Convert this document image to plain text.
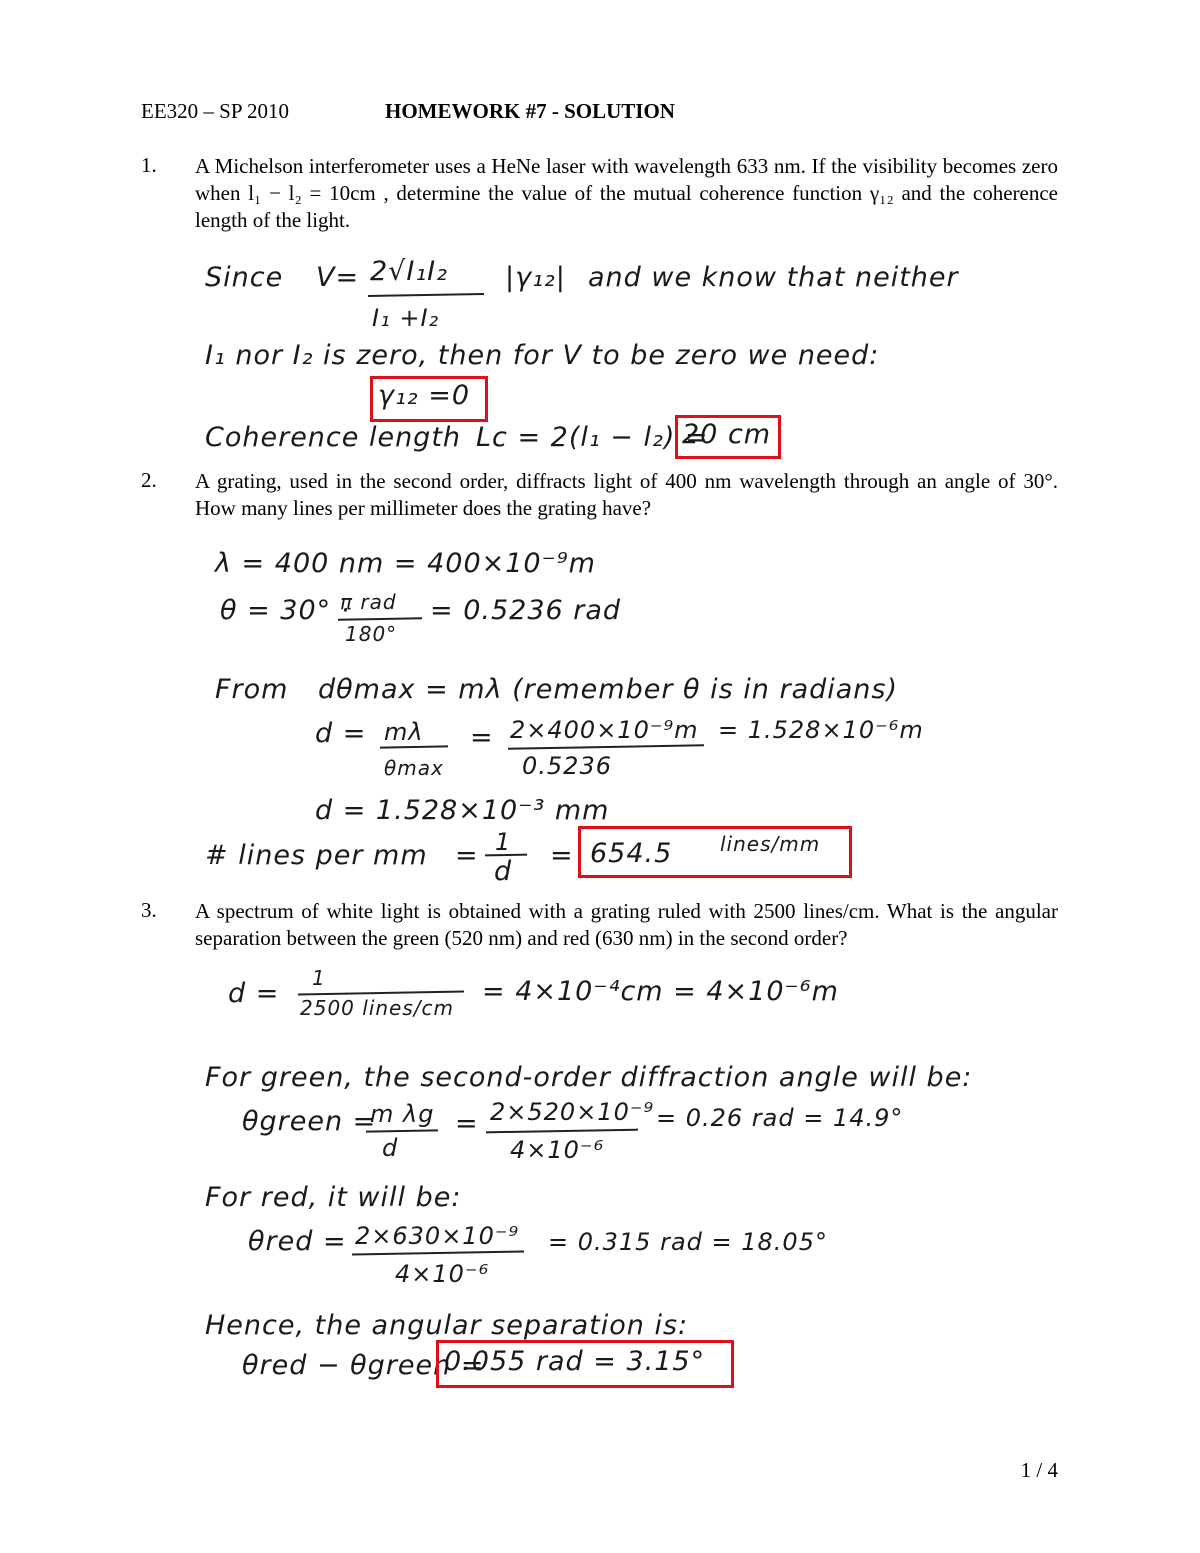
EE320 – SP 2010	HOMEWORK #7 - SOLUTION
1. A Michelson interferometer uses a HeNe laser with wavelength 633 nm. If the visibility becomes zero when l₁ − l₂ = 10cm , determine the value of the mutual coherence function γ₁₂ and the coherence length of the light.
Since V= 2√I₁I₂
I₁ +I₂
|γ₁₂| and we know that neither
I₁ nor I₂ is zero, then for V to be zero we need:
γ₁₂ =0
Coherence length Lc = 2(l₁ − l₂) =
20 cm
2. A grating, used in the second order, diffracts light of 400 nm wavelength through an angle of 30°. How many lines per millimeter does the grating have?
λ = 400 nm = 400×10⁻⁹m
θ = 30° ·
π rad
180°
= 0.5236 rad
From dθmax = mλ (remember θ is in radians)
d = mλ
θmax
= 2×400×10⁻⁹m
0.5236
= 1.528×10⁻⁶m
d = 1.528×10⁻³ mm
# lines per mm = 1
d
= 654.5 lines/mm
3. A spectrum of white light is obtained with a grating ruled with 2500 lines/cm. What is the angular separation between the green (520 nm) and red (630 nm) in the second order?
d = 1
2500 lines/cm
= 4×10⁻⁴cm = 4×10⁻⁶m
For green, the second-order diffraction angle will be:
θgreen =
m λg
d
= 2×520×10⁻⁹
4×10⁻⁶
= 0.26 rad = 14.9°
For red, it will be:
θred = 2×630×10⁻⁹
4×10⁻⁶
= 0.315 rad = 18.05°
Hence, the angular separation is:
θred − θgreen =
0.055 rad = 3.15°
1 / 4
